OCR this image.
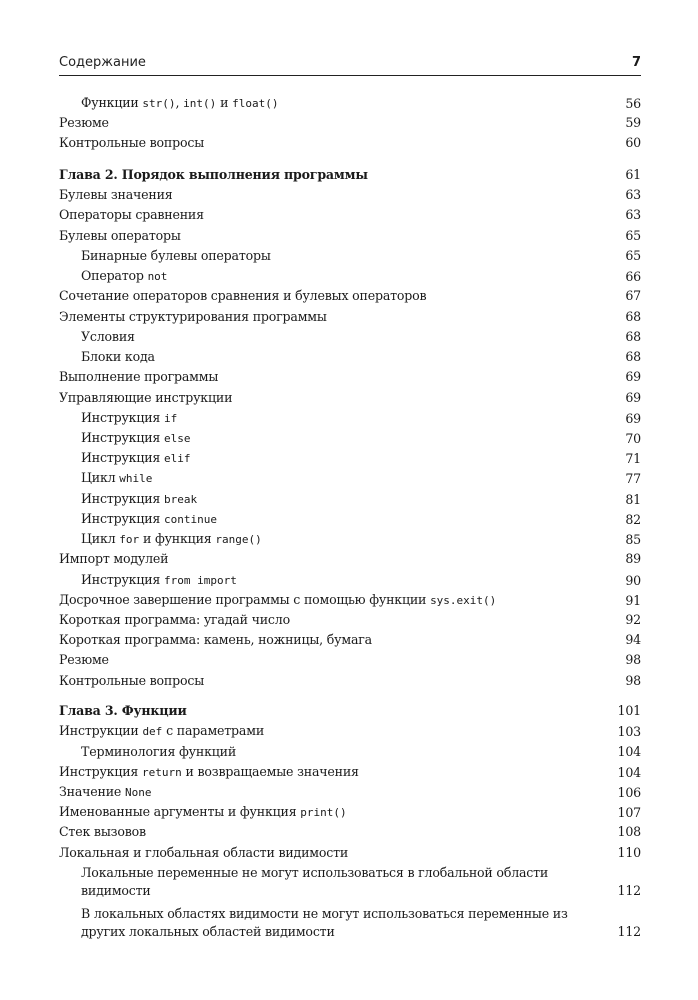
Содержание	7
Функции str(), int() и float()	56
Резюме	59
Контрольные вопросы	60
Глава 2. Порядок выполнения программы	61
Булевы значения	63
Операторы сравнения	63
Булевы операторы	65
Бинарные булевы операторы	65
Оператор not	66
Сочетание операторов сравнения и булевых операторов	67
Элементы структурирования программы	68
Условия	68
Блоки кода	68
Выполнение программы	69
Управляющие инструкции	69
Инструкция if	69
Инструкция else	70
Инструкция elif	71
Цикл while	77
Инструкция break	81
Инструкция continue	82
Цикл for и функция range()	85
Импорт модулей	89
Инструкция from import	90
Досрочное завершение программы с помощью функции sys.exit()	91
Короткая программа: угадай число	92
Короткая программа: камень, ножницы, бумага	94
Резюме	98
Контрольные вопросы	98
Глава 3. Функции	101
Инструкции def с параметрами	103
Терминология функций	104
Инструкция return и возвращаемые значения	104
Значение None	106
Именованные аргументы и функция print()	107
Стек вызовов	108
Локальная и глобальная области видимости	110
Локальные переменные не могут использоваться в глобальной области видимости	112
В локальных областях видимости не могут использоваться переменные из других локальных областей видимости	112
